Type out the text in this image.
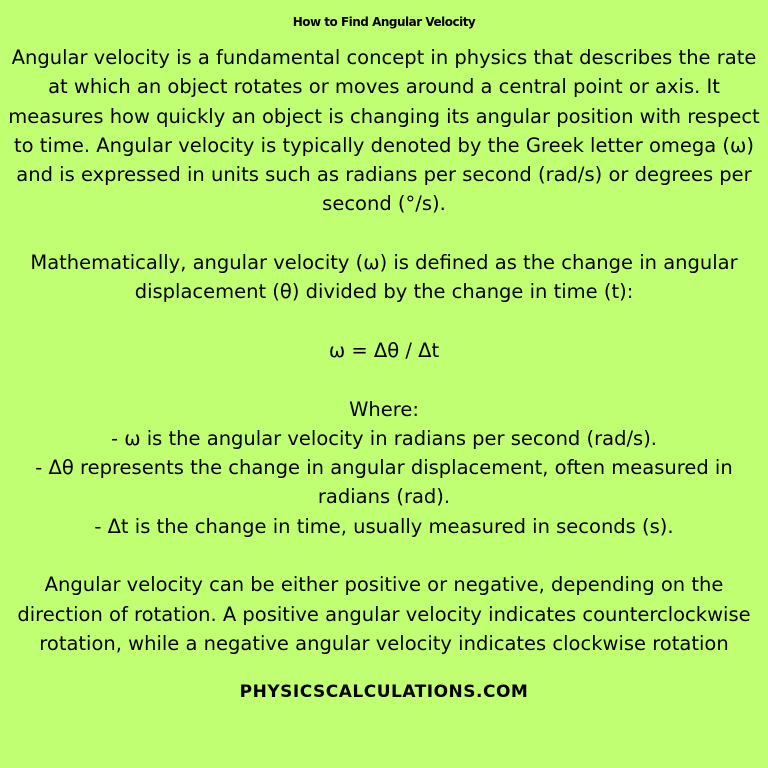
How to Find Angular Velocity

Angular velocity is a fundamental concept in physics that describes the rate
at which an object rotates or moves around a central point or axis. It
measures how quickly an object is changing its angular position with respect
to time. Angular velocity is typically denoted by the Greek letter omega (ω)
and is expressed in units such as radians per second (rad/s) or degrees per
second (°/s).

Mathematically, angular velocity (ω) is defined as the change in angular
displacement (θ) divided by the change in time (t):

ω = Δθ / Δt

Where:
- ω is the angular velocity in radians per second (rad/s).
- Δθ represents the change in angular displacement, often measured in
radians (rad).
- Δt is the change in time, usually measured in seconds (s).

Angular velocity can be either positive or negative, depending on the
direction of rotation. A positive angular velocity indicates counterclockwise
rotation, while a negative angular velocity indicates clockwise rotation

PHYSICSCALCULATIONS.COM
